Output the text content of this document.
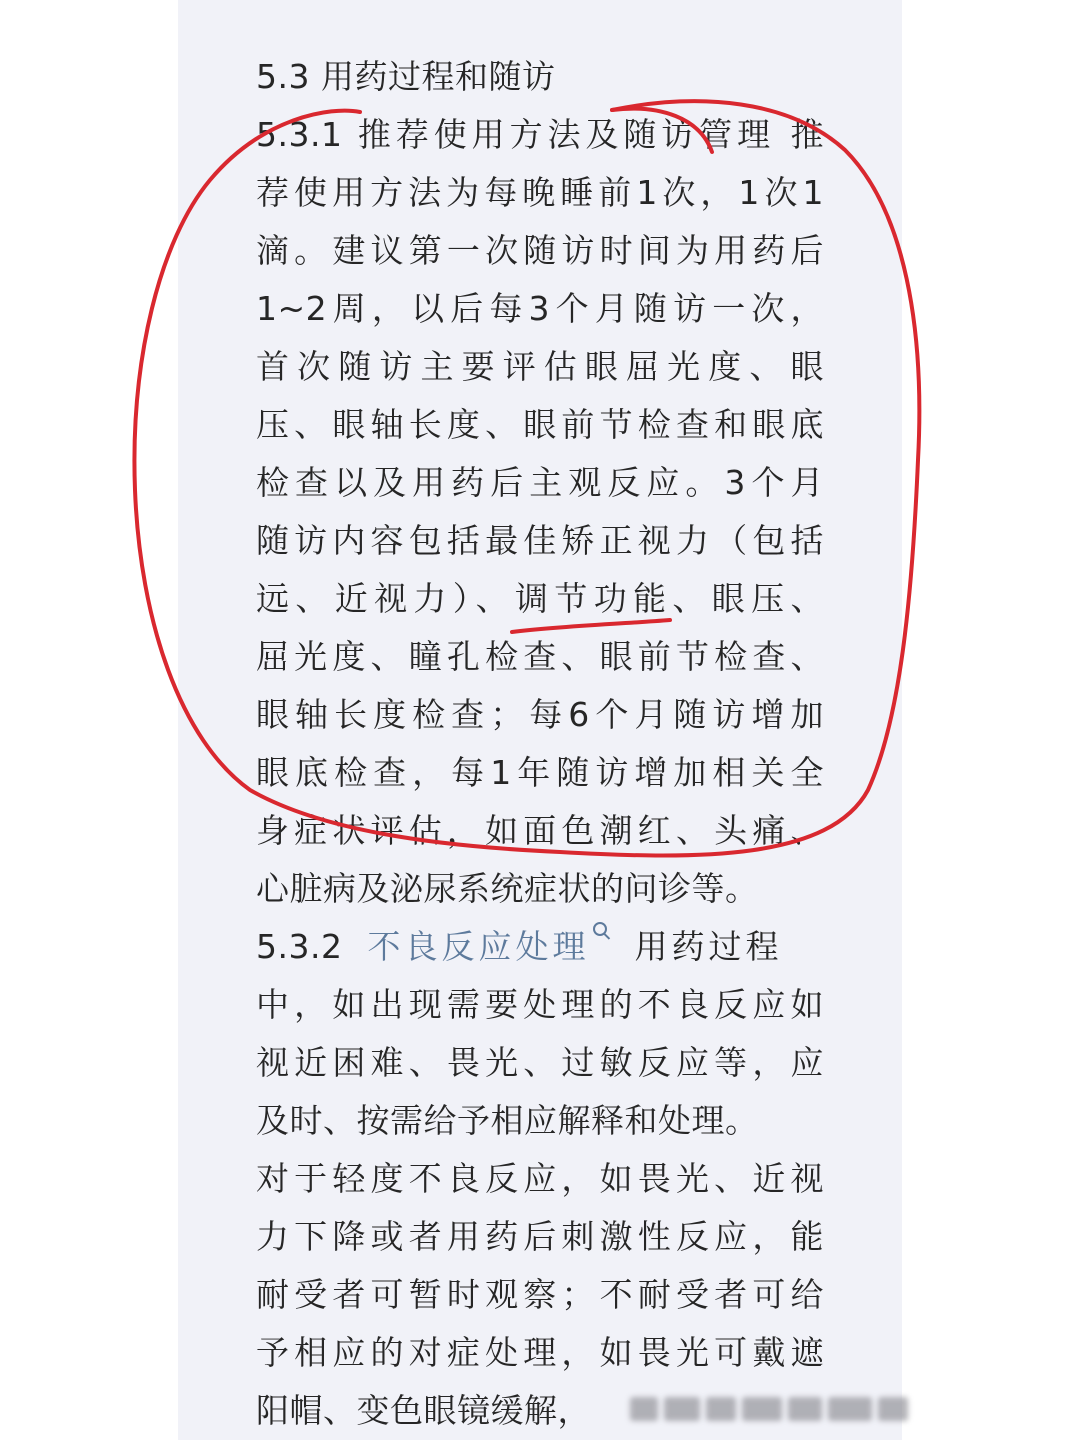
5.3 用药过程和随访
5.3.1 推荐使用方法及随访管理 推
荐使用方法为每晚睡前1次，1次1
滴。建议第一次随访时间为用药后
1~2周，以后每3个月随访一次，
首次随访主要评估眼屈光度、眼
压、眼轴长度、眼前节检查和眼底
检查以及用药后主观反应。3个月
随访内容包括最佳矫正视力（包括
远、近视力）、调节功能、眼压、
屈光度、瞳孔检查、眼前节检查、
眼轴长度检查；每6个月随访增加
眼底检查，每1年随访增加相关全
身症状评估，如面色潮红、头痛、
心脏病及泌尿系统症状的问诊等。
5.3.2 不良反应处理 用药过程
中，如出现需要处理的不良反应如
视近困难、畏光、过敏反应等，应
及时、按需给予相应解释和处理。
对于轻度不良反应，如畏光、近视
力下降或者用药后刺激性反应，能
耐受者可暂时观察；不耐受者可给
予相应的对症处理，如畏光可戴遮
阳帽、变色眼镜缓解，
